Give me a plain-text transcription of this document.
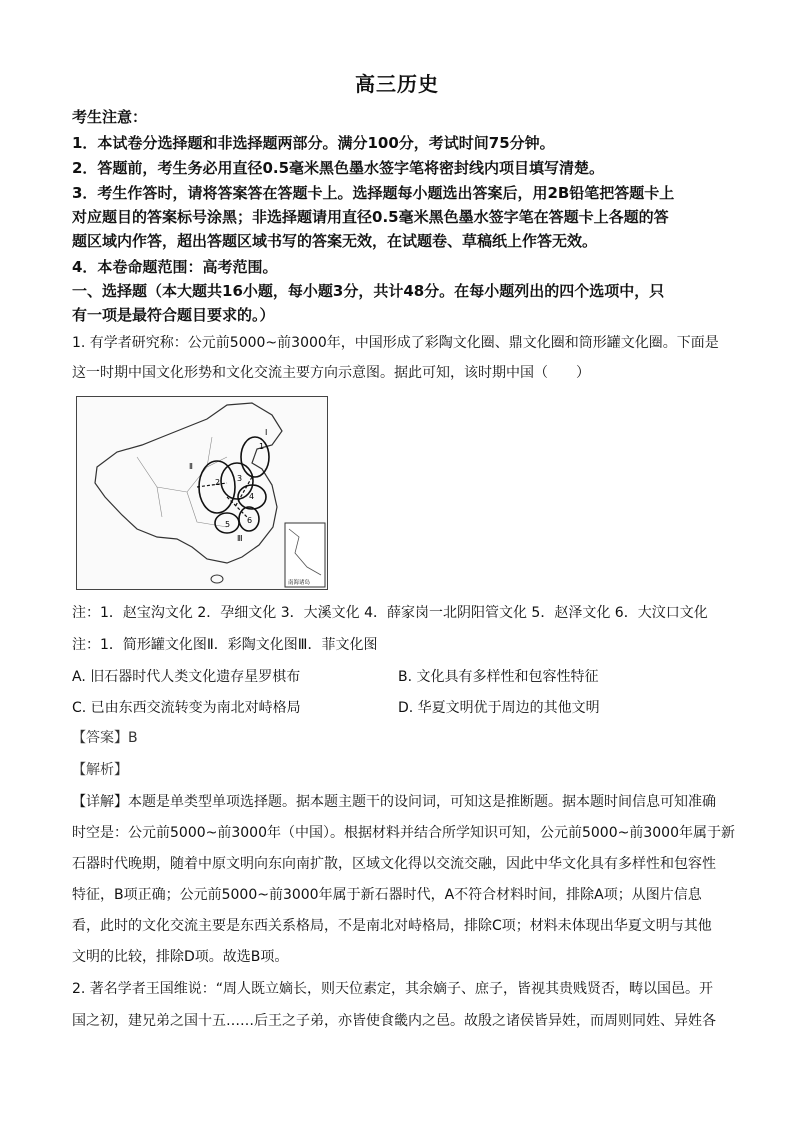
高三历史
考生注意：
1．本试卷分选择题和非选择题两部分。满分100分，考试时间75分钟。
2．答题前，考生务必用直径0.5毫米黑色墨水签字笔将密封线内项目填写清楚。
3．考生作答时，请将答案答在答题卡上。选择题每小题选出答案后，用2B铅笔把答题卡上
对应题目的答案标号涂黑；非选择题请用直径0.5毫米黑色墨水签字笔在答题卡上各题的答
题区域内作答，超出答题区域书写的答案无效，在试题卷、草稿纸上作答无效。
4．本卷命题范围：高考范围。
一、选择题（本大题共16小题，每小题3分，共计48分。在每小题列出的四个选项中，只
有一项是最符合题目要求的。）
1. 有学者研究称：公元前5000~前3000年，中国形成了彩陶文化圈、鼎文化圈和筒形罐文化圈。下面是
这一时期中国文化形势和文化交流主要方向示意图。据此可知，该时期中国（　　）
1
2 3
4
5 6
Ⅰ
Ⅱ
Ⅲ
南海诸岛
注：1．赵宝沟文化 2．孕细文化 3．大溪文化 4．薛家岗一北阴阳管文化 5．赵泽文化 6．大汶口文化
注：1．简形罐文化图Ⅱ．彩陶文化图Ⅲ．菲文化图
A. 旧石器时代人类文化遗存星罗棋布	B. 文化具有多样性和包容性特征
C. 已由东西交流转变为南北对峙格局	D. 华夏文明优于周边的其他文明
【答案】B
【解析】
【详解】本题是单类型单项选择题。据本题主题干的设问词，可知这是推断题。据本题时间信息可知准确
时空是：公元前5000~前3000年（中国）。根据材料并结合所学知识可知，公元前5000~前3000年属于新
石器时代晚期，随着中原文明向东向南扩散，区域文化得以交流交融，因此中华文化具有多样性和包容性
特征，B项正确；公元前5000~前3000年属于新石器时代，A不符合材料时间，排除A项；从图片信息
看，此时的文化交流主要是东西关系格局，不是南北对峙格局，排除C项；材料未体现出华夏文明与其他
文明的比较，排除D项。故选B项。
2. 著名学者王国维说：“周人既立嫡长，则天位素定，其余嫡子、庶子，皆视其贵贱贤否，畴以国邑。开
国之初，建兄弟之国十五……后王之子弟，亦皆使食畿内之邑。故殷之诸侯皆异姓，而周则同姓、异姓各
